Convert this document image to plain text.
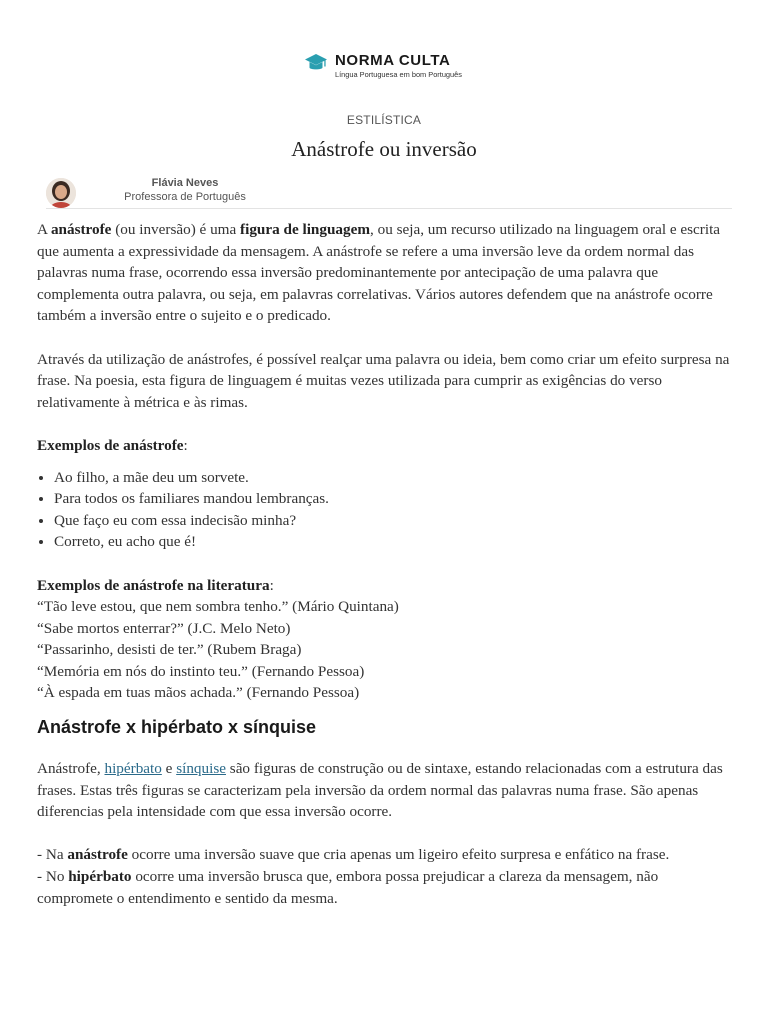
NORMA CULTA
Língua Portuguesa em bom Português
ESTILÍSTICA
Anástrofe ou inversão
Flávia Neves
Professora de Português

A anástrofe (ou inversão) é uma figura de linguagem, ou seja, um recurso utilizado na linguagem oral e escrita que aumenta a expressividade da mensagem. A anástrofe se refere a uma inversão leve da ordem normal das palavras numa frase, ocorrendo essa inversão predominantemente por antecipação de uma palavra que complementa outra palavra, ou seja, em palavras correlativas. Vários autores defendem que na anástrofe ocorre também a inversão entre o sujeito e o predicado.

Através da utilização de anástrofes, é possível realçar uma palavra ou ideia, bem como criar um efeito surpresa na frase. Na poesia, esta figura de linguagem é muitas vezes utilizada para cumprir as exigências do verso relativamente à métrica e às rimas.

Exemplos de anástrofe:

• Ao filho, a mãe deu um sorvete.
• Para todos os familiares mandou lembranças.
• Que faço eu com essa indecisão minha?
• Correto, eu acho que é!

Exemplos de anástrofe na literatura:

“Tão leve estou, que nem sombra tenho.” (Mário Quintana)

“Sabe mortos enterrar?” (J.C. Melo Neto)

“Passarinho, desisti de ter.” (Rubem Braga)

“Memória em nós do instinto teu.” (Fernando Pessoa)

“À espada em tuas mãos achada.” (Fernando Pessoa)

Anástrofe x hipérbato x sínquise

Anástrofe, hipérbato e sínquise são figuras de construção ou de sintaxe, estando relacionadas com a estrutura das frases. Estas três figuras se caracterizam pela inversão da ordem normal das palavras numa frase. São apenas diferencias pela intensidade com que essa inversão ocorre.

- Na anástrofe ocorre uma inversão suave que cria apenas um ligeiro efeito surpresa e enfático na frase.

- No hipérbato ocorre uma inversão brusca que, embora possa prejudicar a clareza da mensagem, não compromete o entendimento e sentido da mesma.
